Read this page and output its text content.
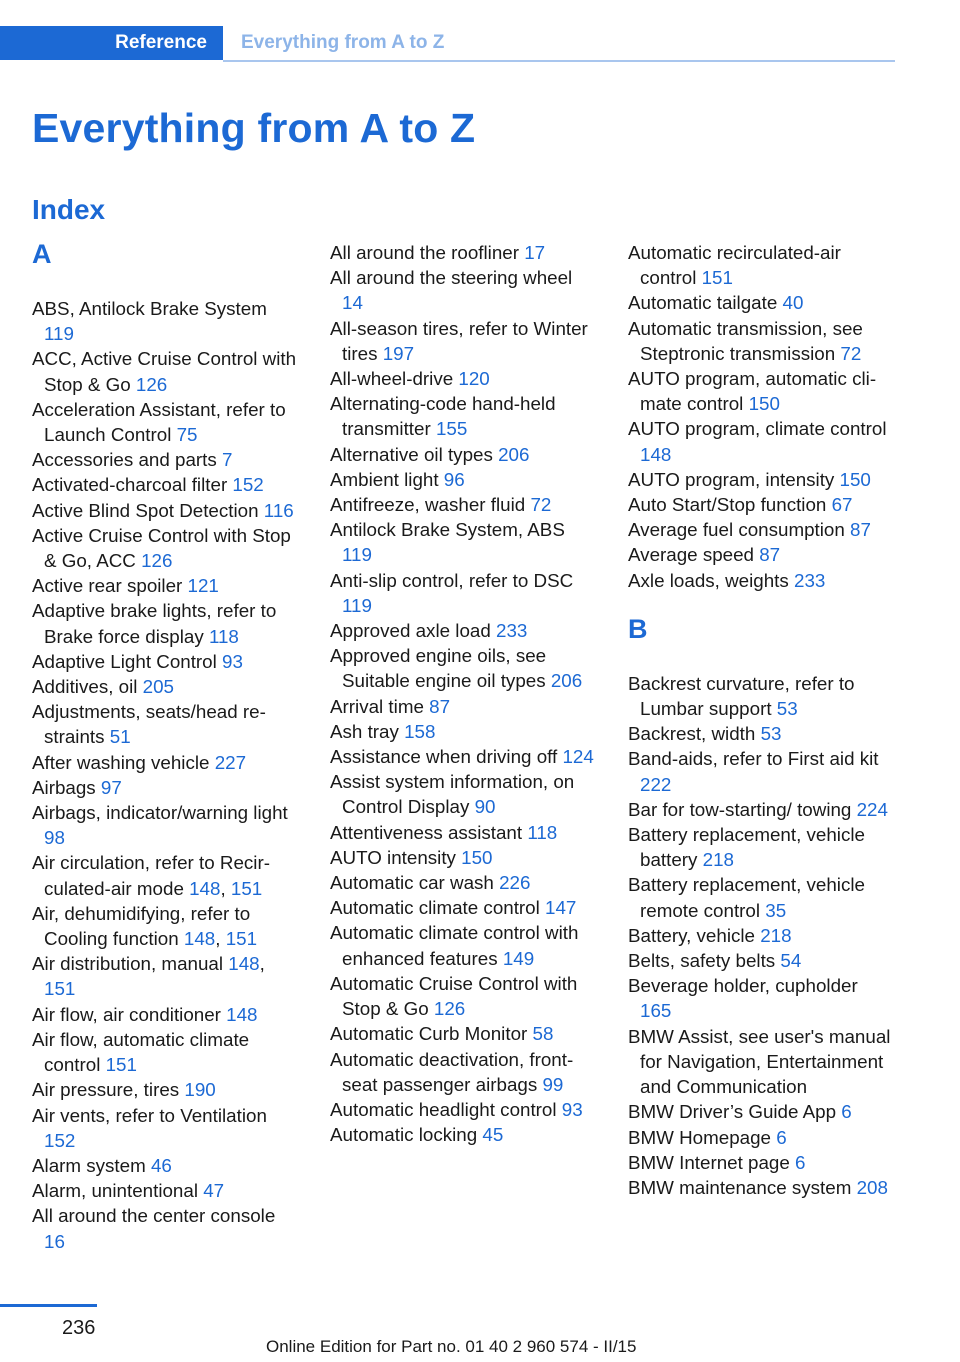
Reference	Everything from A to Z
Everything from A to Z
Index
A

ABS, Antilock Brake System 119

ACC, Active Cruise Control with Stop & Go 126

Acceleration Assistant, refer to Launch Control 75

Accessories and parts 7

Activated-charcoal filter 152

Active Blind Spot Detection 116

Active Cruise Control with Stop & Go, ACC 126

Active rear spoiler 121

Adaptive brake lights, refer to Brake force display 118

Adaptive Light Control 93

Additives, oil 205

Adjustments, seats/head restraints 51

After washing vehicle 227

Airbags 97

Airbags, indicator/warning light 98

Air circulation, refer to Recirculated-air mode 148, 151

Air, dehumidifying, refer to Cooling function 148, 151

Air distribution, manual 148, 151

Air flow, air conditioner 148

Air flow, automatic climate control 151

Air pressure, tires 190

Air vents, refer to Ventilation 152

Alarm system 46

Alarm, unintentional 47

All around the center console 16

All around the roofliner 17

All around the steering wheel 14

All-season tires, refer to Winter tires 197

All-wheel-drive 120

Alternating-code hand-held transmitter 155

Alternative oil types 206

Ambient light 96

Antifreeze, washer fluid 72

Antilock Brake System, ABS 119

Anti-slip control, refer to DSC 119

Approved axle load 233

Approved engine oils, see Suitable engine oil types 206

Arrival time 87

Ash tray 158

Assistance when driving off 124

Assist system information, on Control Display 90

Attentiveness assistant 118

AUTO intensity 150

Automatic car wash 226

Automatic climate control 147

Automatic climate control with enhanced features 149

Automatic Cruise Control with Stop & Go 126

Automatic Curb Monitor 58

Automatic deactivation, front-seat passenger airbags 99

Automatic headlight control 93

Automatic locking 45

Automatic recirculated-air control 151

Automatic tailgate 40

Automatic transmission, see Steptronic transmission 72

AUTO program, automatic climate control 150

AUTO program, climate control 148

AUTO program, intensity 150

Auto Start/Stop function 67

Average fuel consumption 87

Average speed 87

Axle loads, weights 233

B

Backrest curvature, refer to Lumbar support 53

Backrest, width 53

Band-aids, refer to First aid kit 222

Bar for tow-starting/ towing 224

Battery replacement, vehicle battery 218

Battery replacement, vehicle remote control 35

Battery, vehicle 218

Belts, safety belts 54

Beverage holder, cupholder 165

BMW Assist, see user's manual for Navigation, Entertainment and Communication

BMW Driver’s Guide App 6

BMW Homepage 6

BMW Internet page 6

BMW maintenance system 208

236
Online Edition for Part no. 01 40 2 960 574 - II/15
